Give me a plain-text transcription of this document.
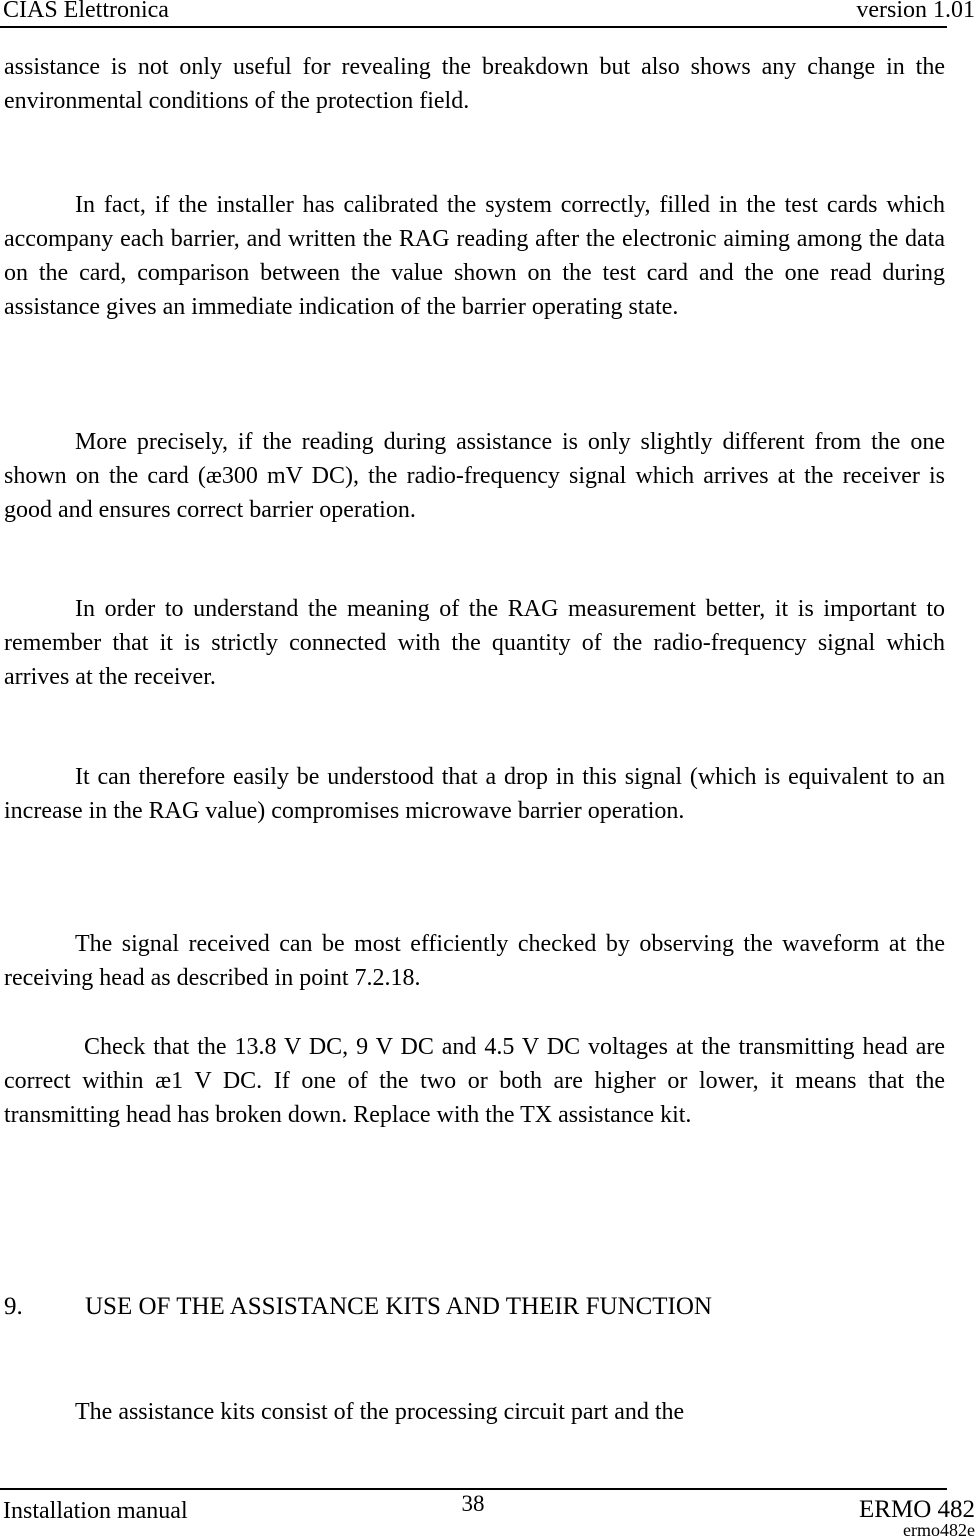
CIAS Elettronica	version 1.01

assistance is not only useful for revealing the breakdown but also shows any change in the environmental conditions of the protection field.

In fact, if the installer has calibrated the system correctly, filled in the test cards which accompany each barrier, and written the RAG reading after the electronic aiming among the data on the card, comparison between the value shown on the test card and the one read during assistance gives an immediate indication of the barrier operating state.

More precisely, if the reading during assistance is only slightly different from the one shown on the card (æ300 mV DC), the radio-frequency signal which arrives at the receiver is good and ensures correct barrier operation.

In order to understand the meaning of the RAG measurement better, it is important to remember that it is strictly connected with the quantity of the radio-frequency signal which arrives at the receiver.

It can therefore easily be understood that a drop in this signal (which is equivalent to an increase in the RAG value) compromises microwave barrier operation.

The signal received can be most efficiently checked by observing the waveform at the receiving head as described in point 7.2.18.

Check that the 13.8 V DC, 9 V DC and 4.5 V DC voltages at the transmitting head are correct within æ1 V DC. If one of the two or both are higher or lower, it means that the transmitting head has broken down. Replace with the TX assistance kit.

9. USE OF THE ASSISTANCE KITS AND THEIR FUNCTION

The assistance kits consist of the processing circuit part and the

38
Installation manual	ERMO 482
ermo482e
